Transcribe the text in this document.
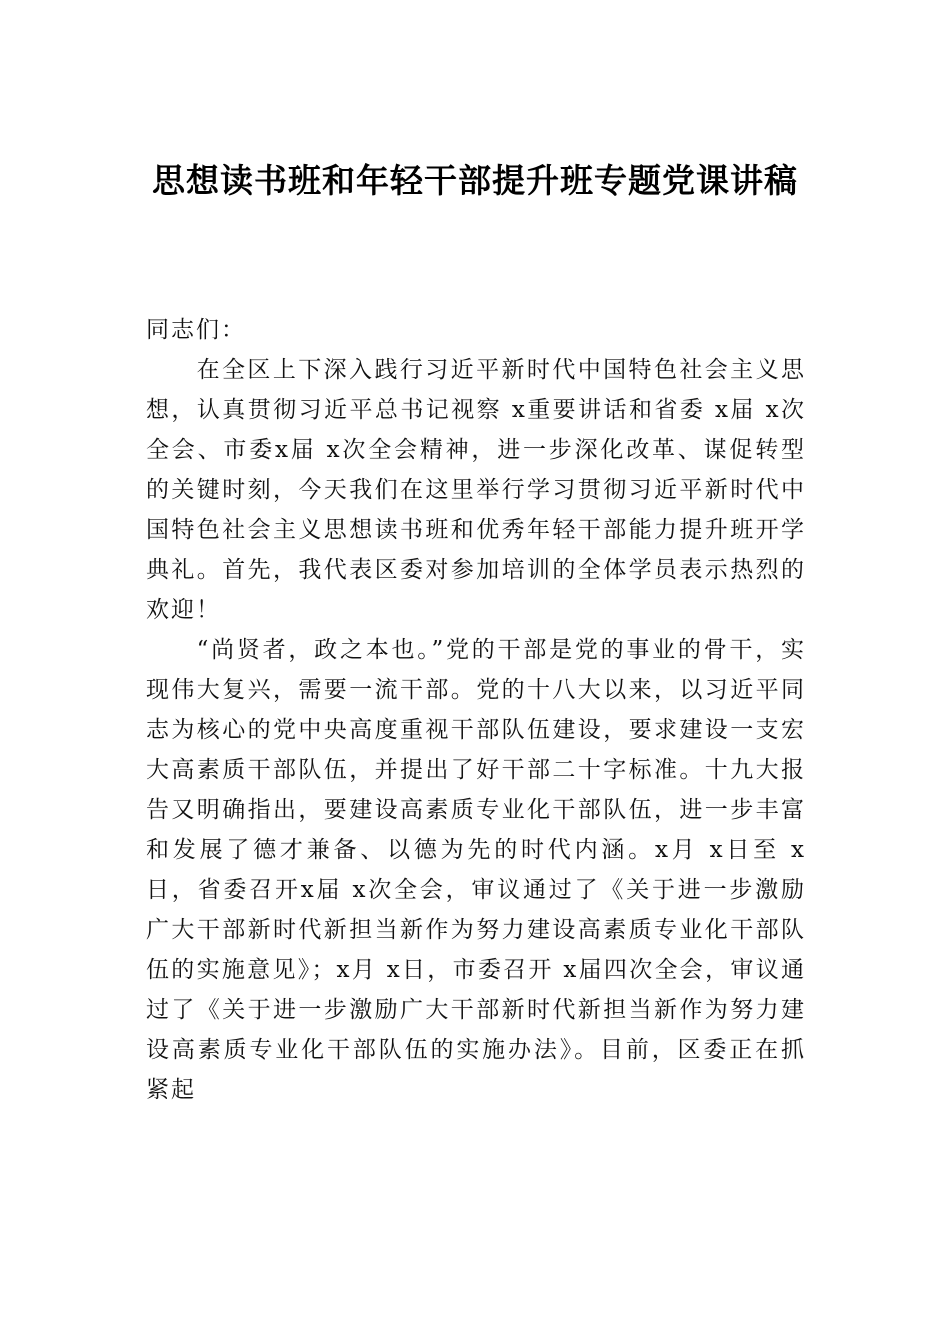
思想读书班和年轻干部提升班专题党课讲稿

同志们：

在全区上下深入践行习近平新时代中国特色社会主义思想，认真贯彻习近平总书记视察 x重要讲话和省委 x届 x次全会、市委x届 x次全会精神，进一步深化改革、谋促转型的关键时刻，今天我们在这里举行学习贯彻习近平新时代中国特色社会主义思想读书班和优秀年轻干部能力提升班开学典礼。首先，我代表区委对参加培训的全体学员表示热烈的欢迎！

“尚贤者，政之本也。”党的干部是党的事业的骨干，实现伟大复兴，需要一流干部。党的十八大以来，以习近平同志为核心的党中央高度重视干部队伍建设，要求建设一支宏大高素质干部队伍，并提出了好干部二十字标准。十九大报告又明确指出，要建设高素质专业化干部队伍，进一步丰富和发展了德才兼备、以德为先的时代内涵。x月 x日至 x日，省委召开x届 x次全会，审议通过了《关于进一步激励广大干部新时代新担当新作为努力建设高素质专业化干部队伍的实施意见》；x月 x日，市委召开 x届四次全会，审议通过了《关于进一步激励广大干部新时代新担当新作为努力建设高素质专业化干部队伍的实施办法》。目前，区委正在抓紧起
